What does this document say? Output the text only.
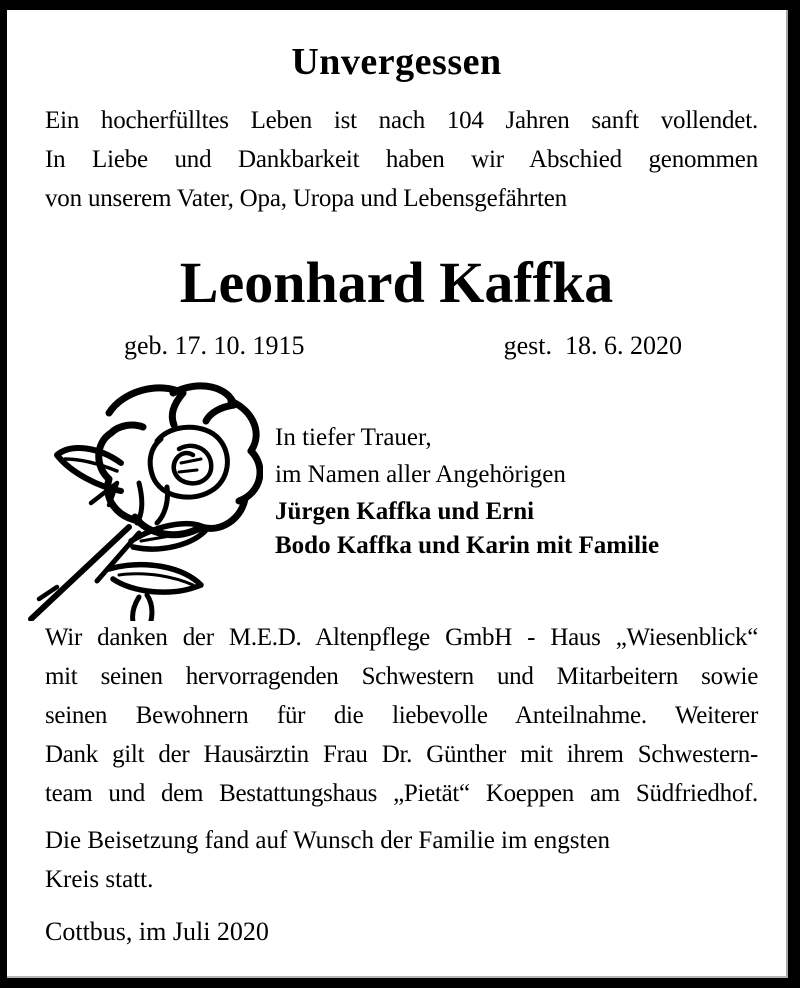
Unvergessen
Ein hocherfülltes Leben ist nach 104 Jahren sanft vollendet.
In Liebe und Dankbarkeit haben wir Abschied genommen
von unserem Vater, Opa, Uropa und Lebensgefährten
Leonhard Kaffka
geb. 17. 10. 1915	gest.  18. 6. 2020
In tiefer Trauer,
im Namen aller Angehörigen
Jürgen Kaffka und Erni
Bodo Kaffka und Karin mit Familie
Wir danken der M.E.D. Altenpflege GmbH - Haus „Wiesenblick“
mit seinen hervorragenden Schwestern und Mitarbeitern sowie
seinen Bewohnern für die liebevolle Anteilnahme. Weiterer
Dank gilt der Hausärztin Frau Dr. Günther mit ihrem Schwestern-
team und dem Bestattungshaus „Pietät“ Koeppen am Südfriedhof.
Die Beisetzung fand auf Wunsch der Familie im engsten
Kreis statt.
Cottbus, im Juli 2020
